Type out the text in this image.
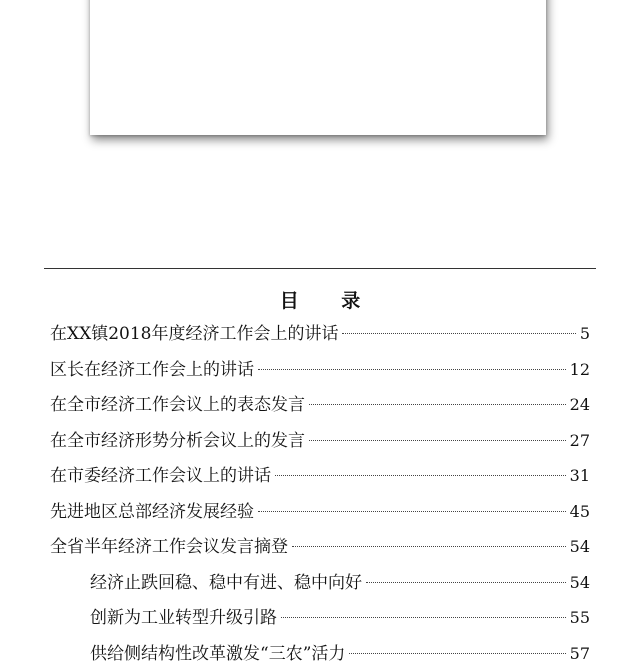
目 录
在XX镇2018年度经济工作会上的讲话	5
区长在经济工作会上的讲话	12
在全市经济工作会议上的表态发言	24
在全市经济形势分析会议上的发言	27
在市委经济工作会议上的讲话	31
先进地区总部经济发展经验	45
全省半年经济工作会议发言摘登	54
经济止跌回稳、稳中有进、稳中向好	54
创新为工业转型升级引路	55
供给侧结构性改革激发“三农”活力	57
